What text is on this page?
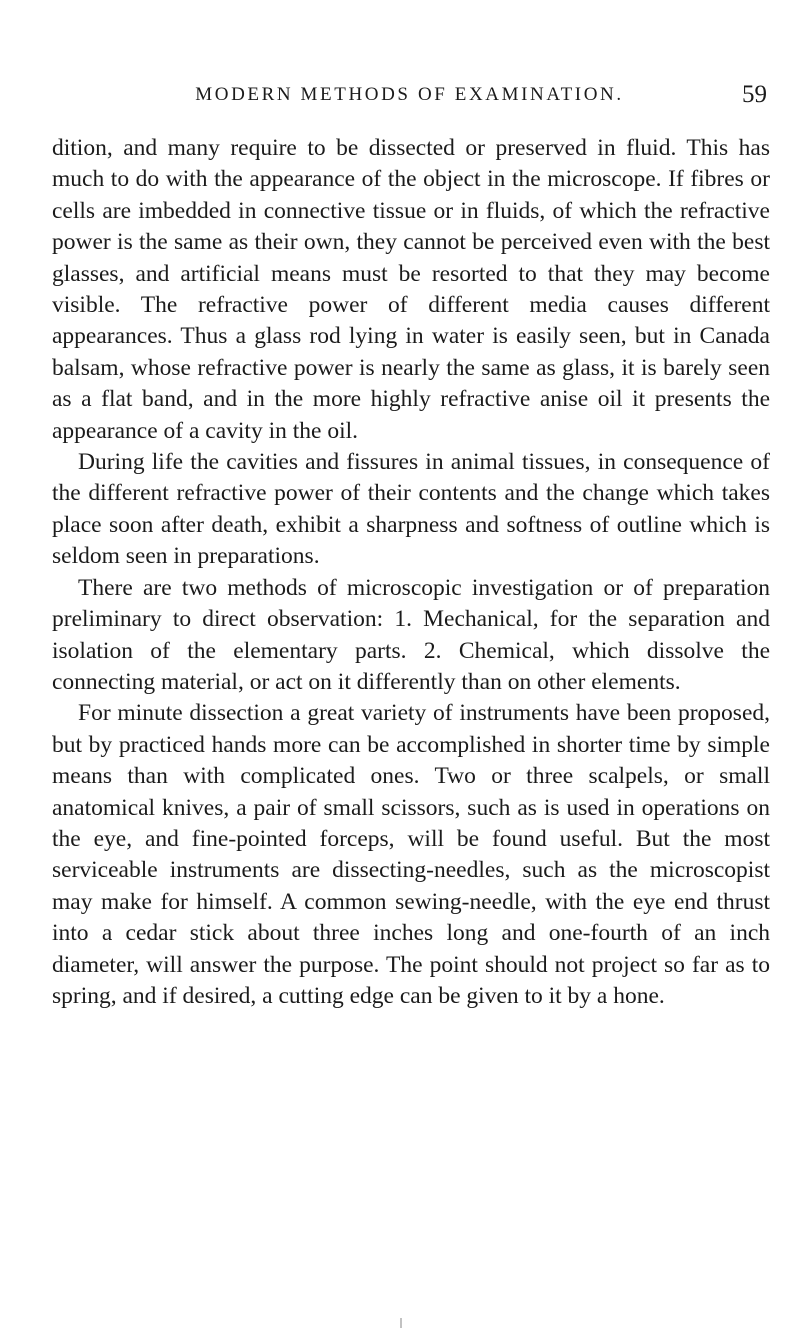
MODERN METHODS OF EXAMINATION.	59

dition, and many require to be dissected or preserved in fluid. This has much to do with the appearance of the object in the microscope. If fibres or cells are imbedded in connective tissue or in fluids, of which the refractive power is the same as their own, they cannot be perceived even with the best glasses, and artificial means must be resorted to that they may become visible. The refractive power of different media causes different appearances. Thus a glass rod lying in water is easily seen, but in Canada balsam, whose refractive power is nearly the same as glass, it is barely seen as a flat band, and in the more highly refractive anise oil it presents the appearance of a cavity in the oil.

During life the cavities and fissures in animal tissues, in consequence of the different refractive power of their contents and the change which takes place soon after death, exhibit a sharpness and softness of outline which is seldom seen in preparations.

There are two methods of microscopic investigation or of preparation preliminary to direct observation: 1. Mechanical, for the separation and isolation of the elementary parts. 2. Chemical, which dissolve the connecting material, or act on it differently than on other elements.

For minute dissection a great variety of instruments have been proposed, but by practiced hands more can be accomplished in shorter time by simple means than with complicated ones. Two or three scalpels, or small anatomical knives, a pair of small scissors, such as is used in operations on the eye, and fine-pointed forceps, will be found useful. But the most serviceable instruments are dissecting-needles, such as the microscopist may make for himself. A common sewing-needle, with the eye end thrust into a cedar stick about three inches long and one-fourth of an inch diameter, will answer the purpose. The point should not project so far as to spring, and if desired, a cutting edge can be given to it by a hone.
